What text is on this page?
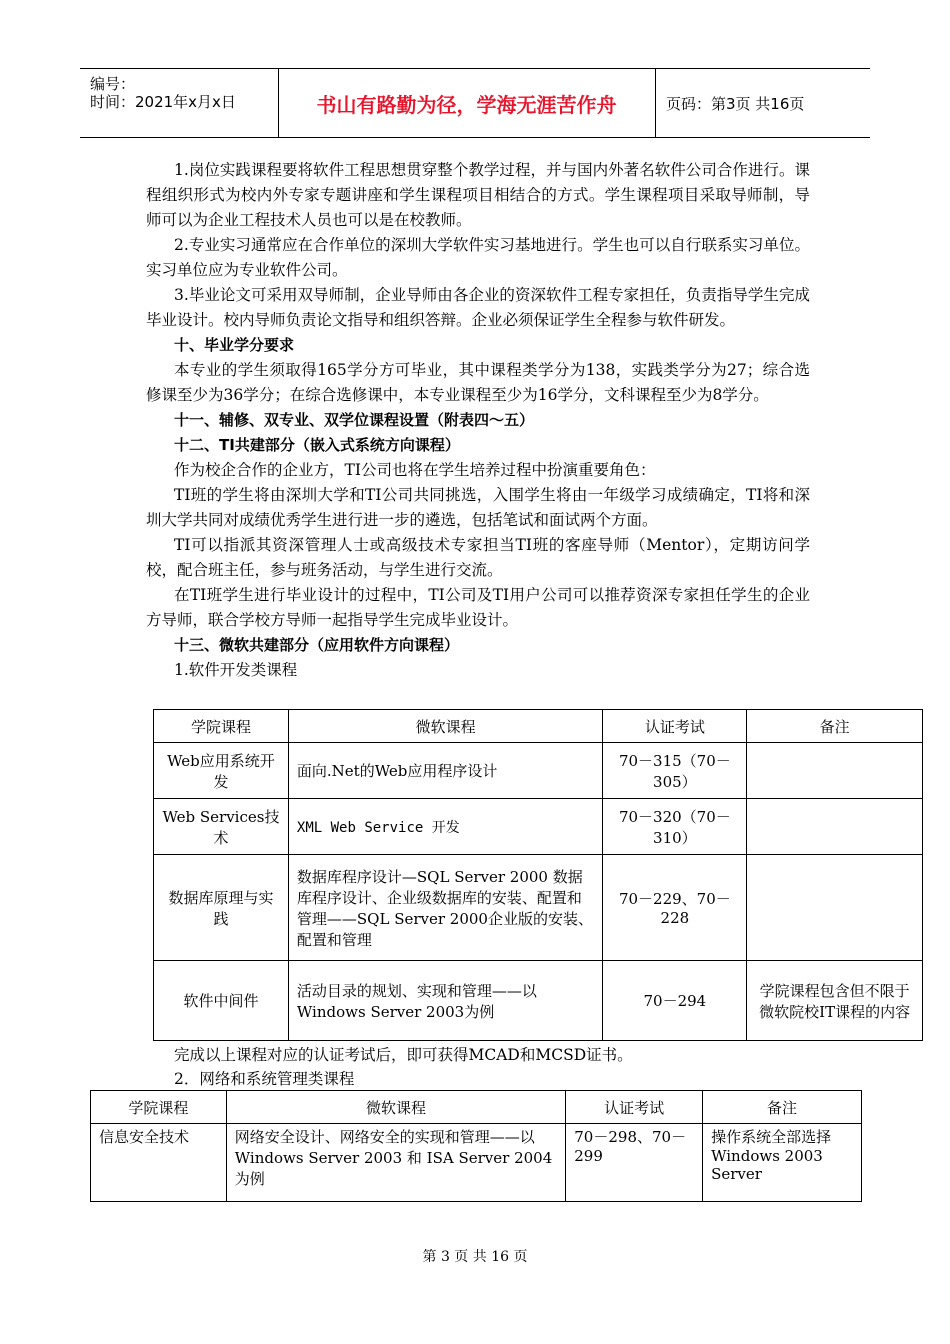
编号：
时间：2021年x月x日	书山有路勤为径，学海无涯苦作舟	页码：第3页 共16页

1.岗位实践课程要将软件工程思想贯穿整个教学过程，并与国内外著名软件公司合作进行。课程组织形式为校内外专家专题讲座和学生课程项目相结合的方式。学生课程项目采取导师制，导师可以为企业工程技术人员也可以是在校教师。

2.专业实习通常应在合作单位的深圳大学软件实习基地进行。学生也可以自行联系实习单位。实习单位应为专业软件公司。

3.毕业论文可采用双导师制，企业导师由各企业的资深软件工程专家担任，负责指导学生完成毕业设计。校内导师负责论文指导和组织答辩。企业必须保证学生全程参与软件研发。

十、毕业学分要求

本专业的学生须取得165学分方可毕业，其中课程类学分为138，实践类学分为27；综合选修课至少为36学分；在综合选修课中，本专业课程至少为16学分，文科课程至少为8学分。

十一、辅修、双专业、双学位课程设置（附表四～五）

十二、TI共建部分（嵌入式系统方向课程）

作为校企合作的企业方，TI公司也将在学生培养过程中扮演重要角色：

TI班的学生将由深圳大学和TI公司共同挑选，入围学生将由一年级学习成绩确定，TI将和深圳大学共同对成绩优秀学生进行进一步的遴选，包括笔试和面试两个方面。

TI可以指派其资深管理人士或高级技术专家担当TI班的客座导师（Mentor），定期访问学校，配合班主任，参与班务活动，与学生进行交流。

在TI班学生进行毕业设计的过程中，TI公司及TI用户公司可以推荐资深专家担任学生的企业方导师，联合学校方导师一起指导学生完成毕业设计。

十三、微软共建部分（应用软件方向课程）

1.软件开发类课程

学院课程	微软课程	认证考试	备注
Web应用系统开发	面向.Net的Web应用程序设计	70－315（70－305）	
Web Services技术	XML Web Service 开发	70－320（70－310）	
数据库原理与实践	数据库程序设计—SQL Server 2000 数据库程序设计、企业级数据库的安装、配置和管理——SQL Server 2000企业版的安装、配置和管理	70－229、70－228	
软件中间件	活动目录的规划、实现和管理——以Windows Server 2003为例	70－294	学院课程包含但不限于微软院校IT课程的内容
完成以上课程对应的认证考试后，即可获得MCAD和MCSD证书。
2．网络和系统管理类课程
学院课程	微软课程	认证考试	备注
信息安全技术	网络安全设计、网络安全的实现和管理——以 Windows Server 2003 和 ISA Server 2004为例	70－298、70－299	操作系统全部选择Windows 2003 Server
第 3 页 共 16 页
